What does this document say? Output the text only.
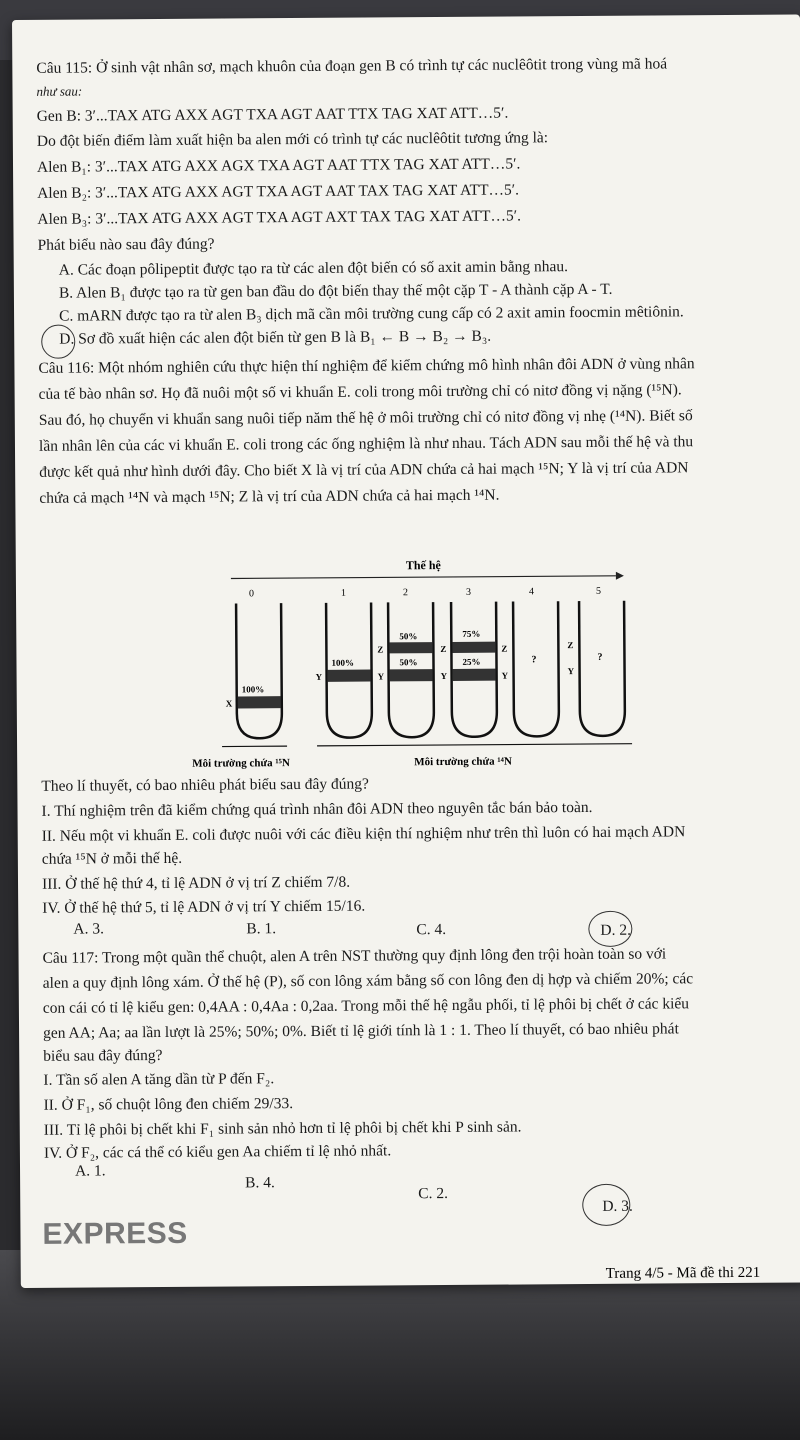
Câu 115: Ở sinh vật nhân sơ, mạch khuôn của đoạn gen B có trình tự các nuclêôtit trong vùng mã hoá
như sau:
Gen B: 3′...TAX ATG AXX AGT TXA AGT AAT TTX TAG XAT ATT…5′.
Do đột biến điểm làm xuất hiện ba alen mới có trình tự các nuclêôtit tương ứng là:
Alen B₁: 3′...TAX ATG AXX AGX TXA AGT AAT TTX TAG XAT ATT…5′.
Alen B₂: 3′...TAX ATG AXX AGT TXA AGT AAT TAX TAG XAT ATT…5′.
Alen B₃: 3′...TAX ATG AXX AGT TXA AGT AXT TAX TAG XAT ATT…5′.
Phát biểu nào sau đây đúng?
A. Các đoạn pôlipeptit được tạo ra từ các alen đột biến có số axit amin bằng nhau.
B. Alen B₁ được tạo ra từ gen ban đầu do đột biến thay thế một cặp T - A thành cặp A - T.
C. mARN được tạo ra từ alen B₃ dịch mã cần môi trường cung cấp có 2 axit amin foocmin mêtiônin.
D. Sơ đồ xuất hiện các alen đột biến từ gen B là B₁ ← B → B₂ → B₃.
Câu 116: Một nhóm nghiên cứu thực hiện thí nghiệm để kiểm chứng mô hình nhân đôi ADN ở vùng nhân
của tế bào nhân sơ. Họ đã nuôi một số vi khuẩn E. coli trong môi trường chỉ có nitơ đồng vị nặng (¹⁵N).
Sau đó, họ chuyển vi khuẩn sang nuôi tiếp năm thế hệ ở môi trường chỉ có nitơ đồng vị nhẹ (¹⁴N). Biết số
lần nhân lên của các vi khuẩn E. coli trong các ống nghiệm là như nhau. Tách ADN sau mỗi thế hệ và thu
được kết quả như hình dưới đây. Cho biết X là vị trí của ADN chứa cả hai mạch ¹⁵N; Y là vị trí của ADN
chứa cả mạch ¹⁴N và mạch ¹⁵N; Z là vị trí của ADN chứa cả hai mạch ¹⁴N.
Thế hệ
0	1	2	3	4	5
100%
X
100%
Y
50%
50%
Z
Y
75%
25%
Z
Y
?
Z
Y
?
Z
Y
Môi trường chứa ¹⁵N	Môi trường chứa ¹⁴N
Theo lí thuyết, có bao nhiêu phát biểu sau đây đúng?
I. Thí nghiệm trên đã kiểm chứng quá trình nhân đôi ADN theo nguyên tắc bán bảo toàn.
II. Nếu một vi khuẩn E. coli được nuôi với các điều kiện thí nghiệm như trên thì luôn có hai mạch ADN
chứa ¹⁵N ở mỗi thế hệ.
III. Ở thế hệ thứ 4, tỉ lệ ADN ở vị trí Z chiếm 7/8.
IV. Ở thế hệ thứ 5, tỉ lệ ADN ở vị trí Y chiếm 15/16.
A. 3.	B. 1.	C. 4.	D. 2.
Câu 117: Trong một quần thể chuột, alen A trên NST thường quy định lông đen trội hoàn toàn so với
alen a quy định lông xám. Ở thế hệ (P), số con lông xám bằng số con lông đen dị hợp và chiếm 20%; các
con cái có tỉ lệ kiểu gen: 0,4AA : 0,4Aa : 0,2aa. Trong mỗi thế hệ ngẫu phối, tỉ lệ phôi bị chết ở các kiểu
gen AA; Aa; aa lần lượt là 25%; 50%; 0%. Biết tỉ lệ giới tính là 1 : 1. Theo lí thuyết, có bao nhiêu phát
biểu sau đây đúng?
I. Tần số alen A tăng dần từ P đến F₂.
II. Ở F₁, số chuột lông đen chiếm 29/33.
III. Tỉ lệ phôi bị chết khi F₁ sinh sản nhỏ hơn tỉ lệ phôi bị chết khi P sinh sản.
IV. Ở F₂, các cá thể có kiểu gen Aa chiếm tỉ lệ nhỏ nhất.
A. 1.
B. 4.
C. 2.
D. 3.
EXPRESS
Trang 4/5 - Mã đề thi 221
